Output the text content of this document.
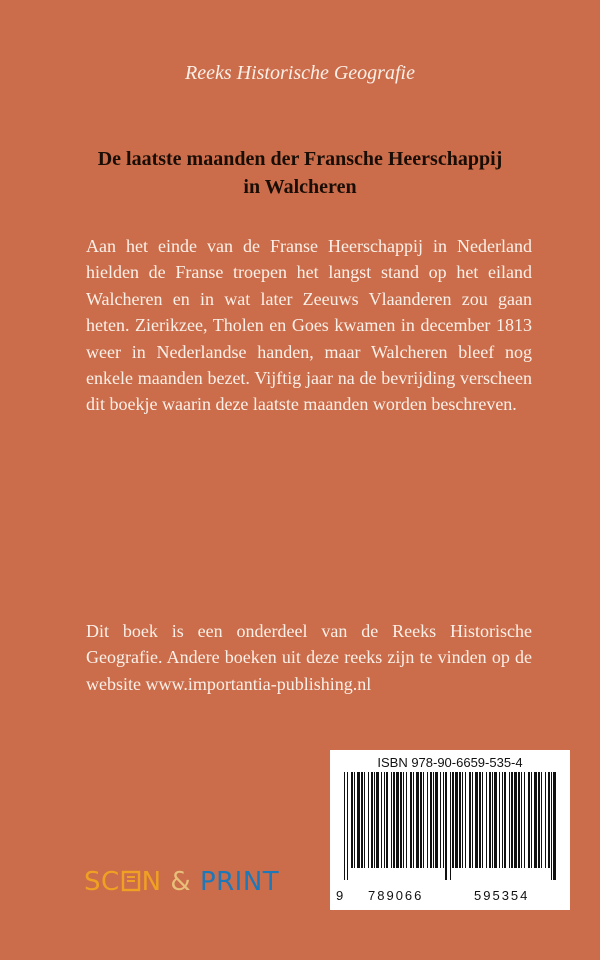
Reeks Historische Geografie
De laatste maanden der Fransche Heerschappij
in Walcheren

Aan het einde van de Franse Heerschappij in Nederland hielden de Franse troepen het langst stand op het eiland Walcheren en in wat later Zeeuws Vlaanderen zou gaan heten. Zierikzee, Tholen en Goes kwamen in december 1813 weer in Nederlandse handen, maar Walcheren bleef nog enkele maanden bezet. Vijftig jaar na de bevrijding verscheen dit boekje waarin deze laatste maanden worden beschreven.

Dit boek is een onderdeel van de Reeks Historische Geografie. Andere boeken uit deze reeks zijn te vinden op de website www.importantia-publishing.nl
ISBN 978-90-6659-535-4
9 789066	595354
SC N & PRINT
